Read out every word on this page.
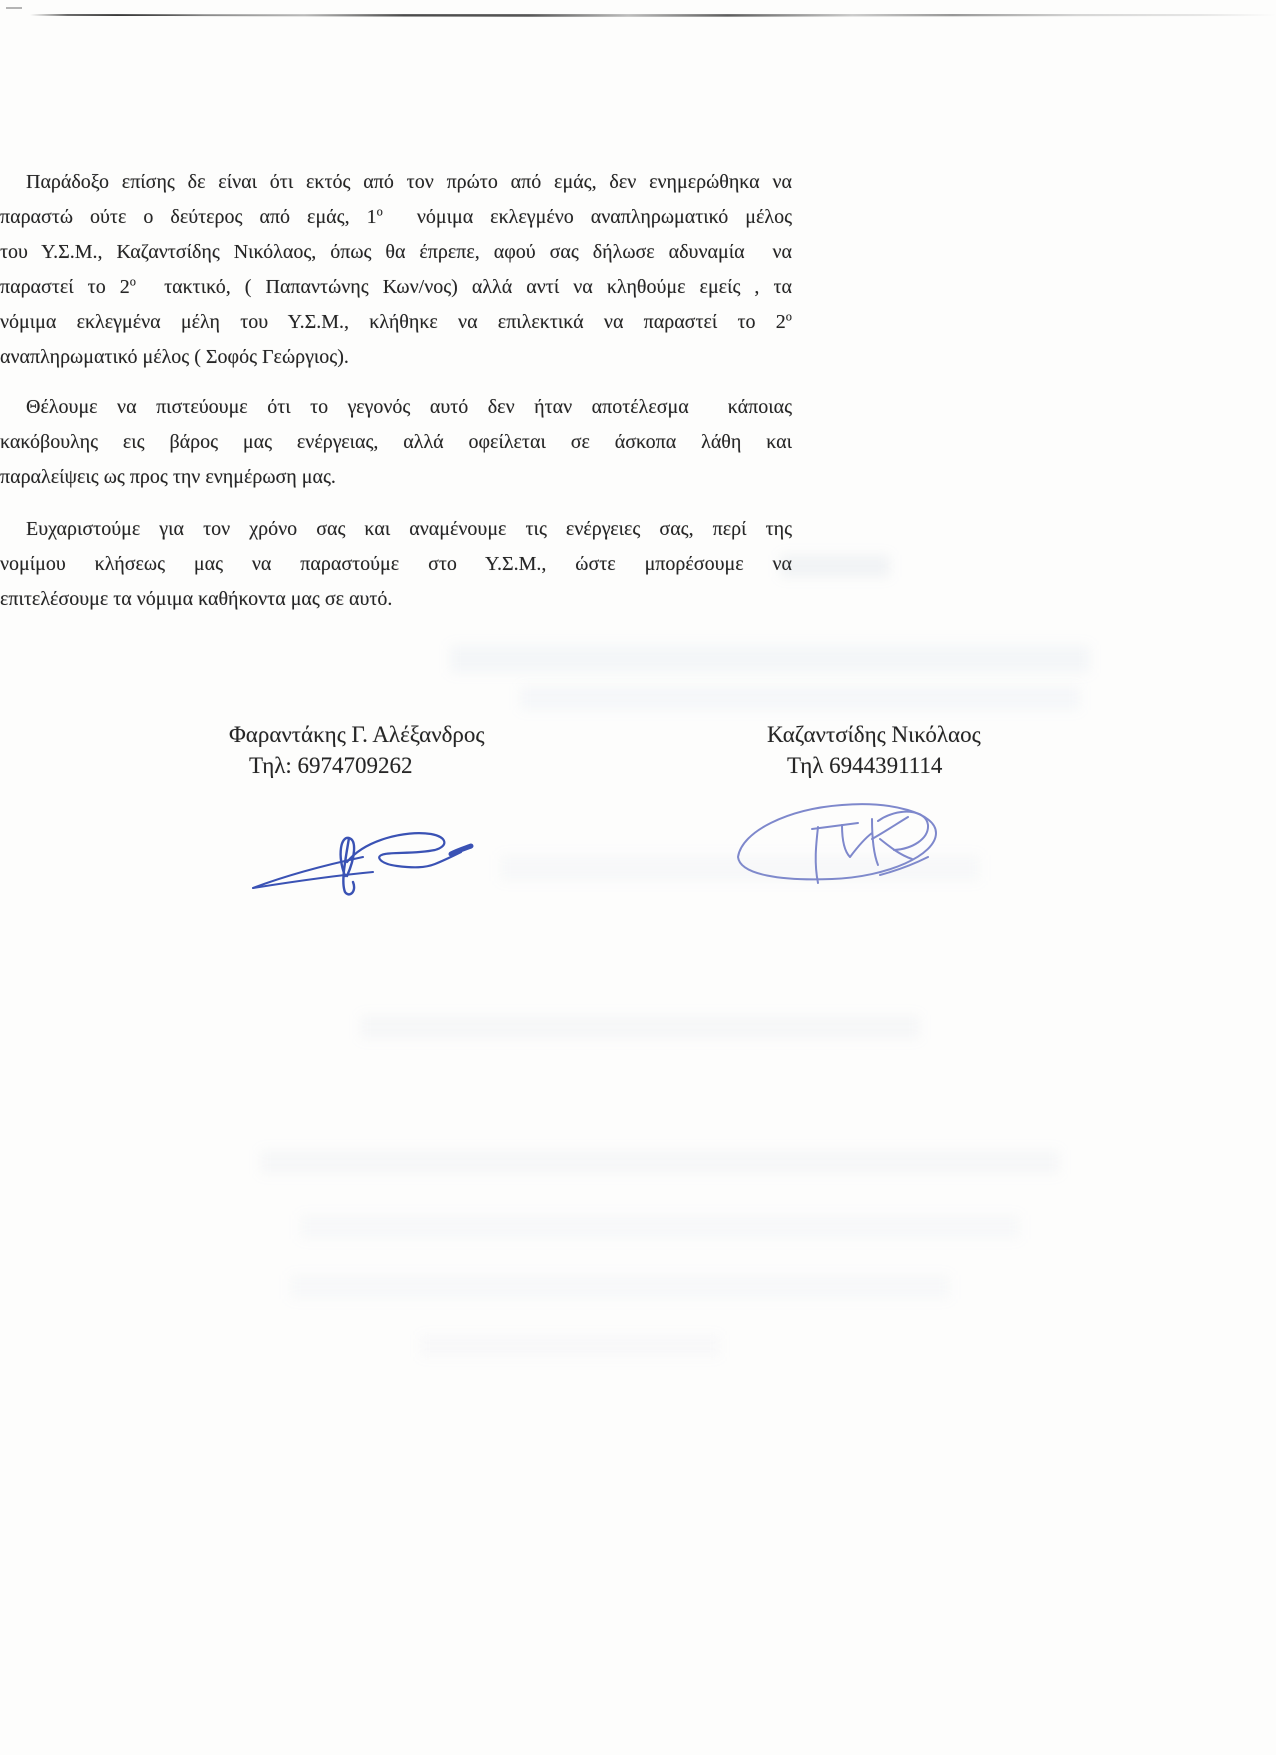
Παράδοξο επίσης δε είναι ότι εκτός από τον πρώτο από εμάς, δεν ενημερώθηκα να
παραστώ ούτε ο δεύτερος από εμάς, $1^o$  νόμιμα εκλεγμένο αναπληρωματικό μέλος
του Υ.Σ.Μ., Καζαντσίδης Νικόλαος, όπως θα έπρεπε, αφού σας δήλωσε αδυναμία  να
παραστεί το $2^o$  τακτικό, ( Παπαντώνης Κων/νος) αλλά αντί να κληθούμε εμείς , τα
νόμιμα εκλεγμένα μέλη του Υ.Σ.Μ., κλήθηκε να επιλεκτικά να παραστεί το $2^o$
αναπληρωματικό μέλος ( Σοφός Γεώργιος).
Θέλουμε να πιστεύουμε ότι το γεγονός αυτό δεν ήταν αποτέλεσμα  κάποιας
κακόβουλης εις βάρος μας ενέργειας, αλλά οφείλεται σε άσκοπα λάθη και
παραλείψεις ως προς την ενημέρωση μας.
Ευχαριστούμε για τον χρόνο σας και αναμένουμε τις ενέργειες σας, περί της
νομίμου κλήσεως μας να παραστούμε στο Υ.Σ.Μ., ώστε μπορέσουμε να
επιτελέσουμε τα νόμιμα καθήκοντα μας σε αυτό.
Φαραντάκης Γ. Αλέξανδρος
Τηλ: 6974709262
Καζαντσίδης Νικόλαος
Τηλ 6944391114
